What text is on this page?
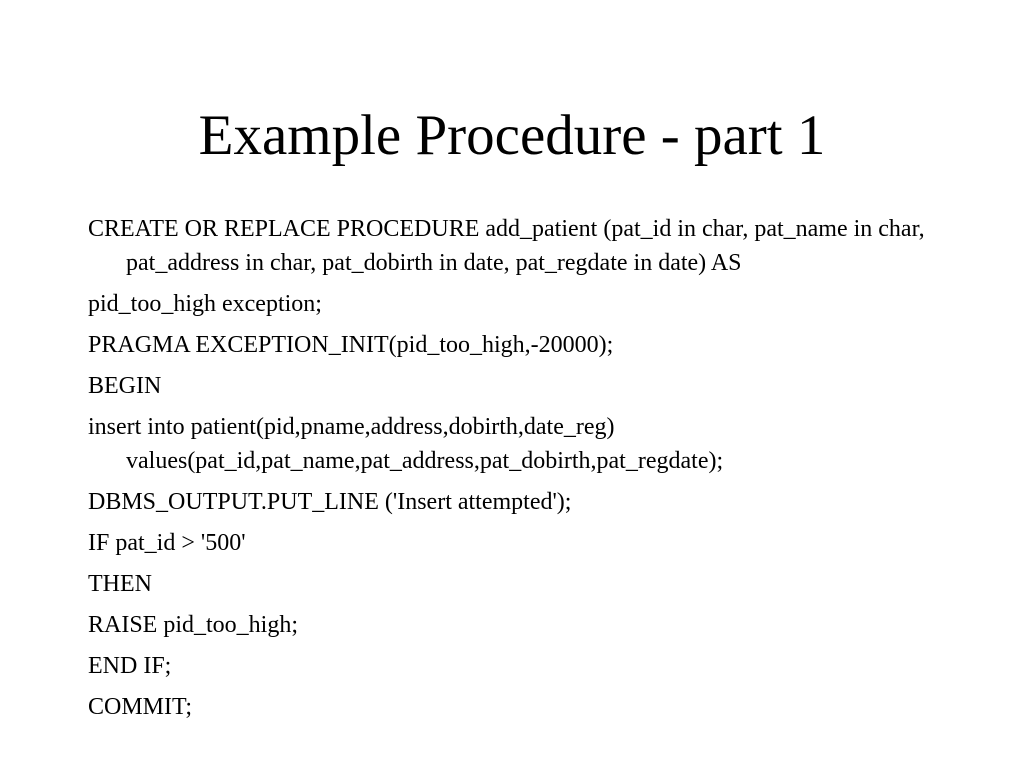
Example Procedure - part 1
CREATE OR REPLACE PROCEDURE add_patient (pat_id in char, pat_name in char, pat_address in char, pat_dobirth in date, pat_regdate in date) AS
pid_too_high exception;
PRAGMA EXCEPTION_INIT(pid_too_high,-20000);
BEGIN
insert into patient(pid,pname,address,dobirth,date_reg) values(pat_id,pat_name,pat_address,pat_dobirth,pat_regdate);
DBMS_OUTPUT.PUT_LINE ('Insert attempted');
IF pat_id > '500'
THEN
RAISE pid_too_high;
END IF;
COMMIT;
